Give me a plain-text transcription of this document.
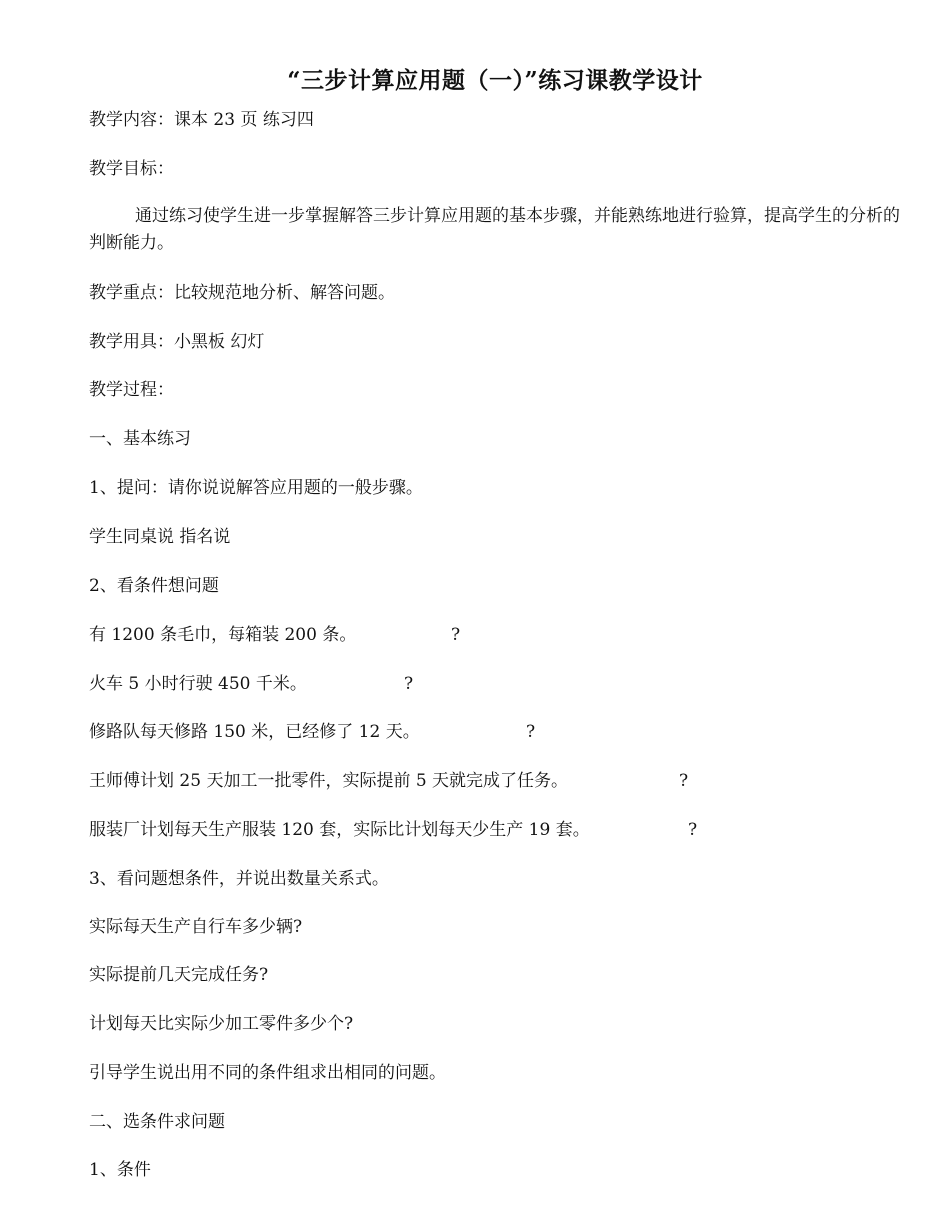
“三步计算应用题（一）”练习课教学设计
教学内容：课本 23 页 练习四
教学目标：
通过练习使学生进一步掌握解答三步计算应用题的基本步骤，并能熟练地进行验算，提高学生的分析的判断能力。
教学重点：比较规范地分析、解答问题。
教学用具：小黑板 幻灯
教学过程：
一、基本练习
1、提问：请你说说解答应用题的一般步骤。
学生同桌说 指名说
2、看条件想问题
有 1200 条毛巾，每箱装 200 条。	?
火车 5 小时行驶 450 千米。	?
修路队每天修路 150 米，已经修了 12 天。	?
王师傅计划 25 天加工一批零件，实际提前 5 天就完成了任务。	?
服装厂计划每天生产服装 120 套，实际比计划每天少生产 19 套。	?
3、看问题想条件，并说出数量关系式。
实际每天生产自行车多少辆?
实际提前几天完成任务?
计划每天比实际少加工零件多少个?
引导学生说出用不同的条件组求出相同的问题。
二、选条件求问题
1、条件
